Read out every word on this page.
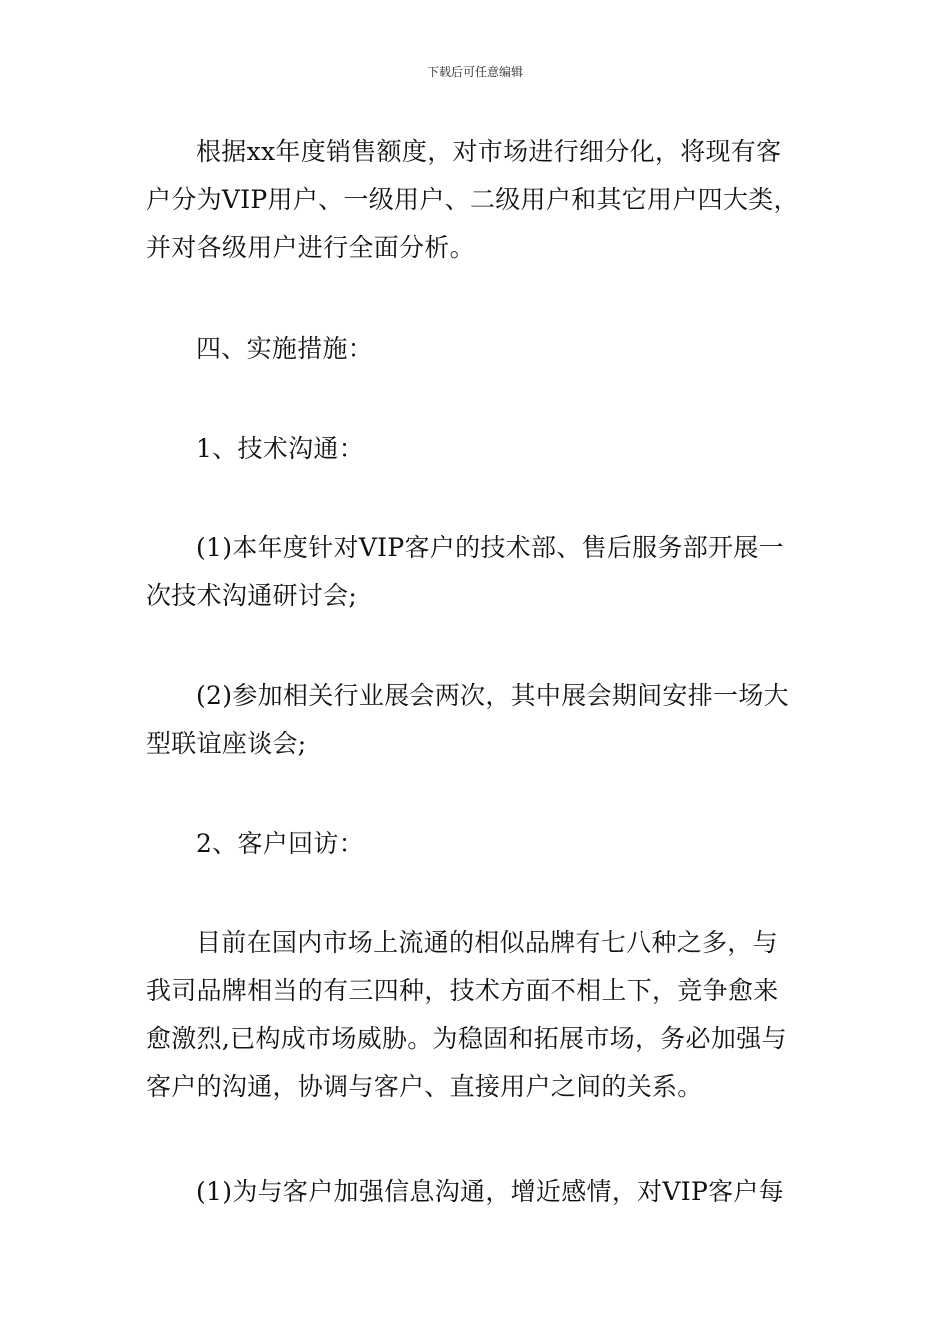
下载后可任意编辑

根据xx年度销售额度，对市场进行细分化，将现有客
户分为VIP用户、一级用户、二级用户和其它用户四大类，
并对各级用户进行全面分析。

四、实施措施：

1、技术沟通：

(1)本年度针对VIP客户的技术部、售后服务部开展一
次技术沟通研讨会;

(2)参加相关行业展会两次，其中展会期间安排一场大
型联谊座谈会;

2、客户回访：

目前在国内市场上流通的相似品牌有七八种之多，与
我司品牌相当的有三四种，技术方面不相上下，竞争愈来
愈激烈,已构成市场威胁。为稳固和拓展市场，务必加强与
客户的沟通，协调与客户、直接用户之间的关系。

(1)为与客户加强信息沟通，增近感情，对VIP客户每
